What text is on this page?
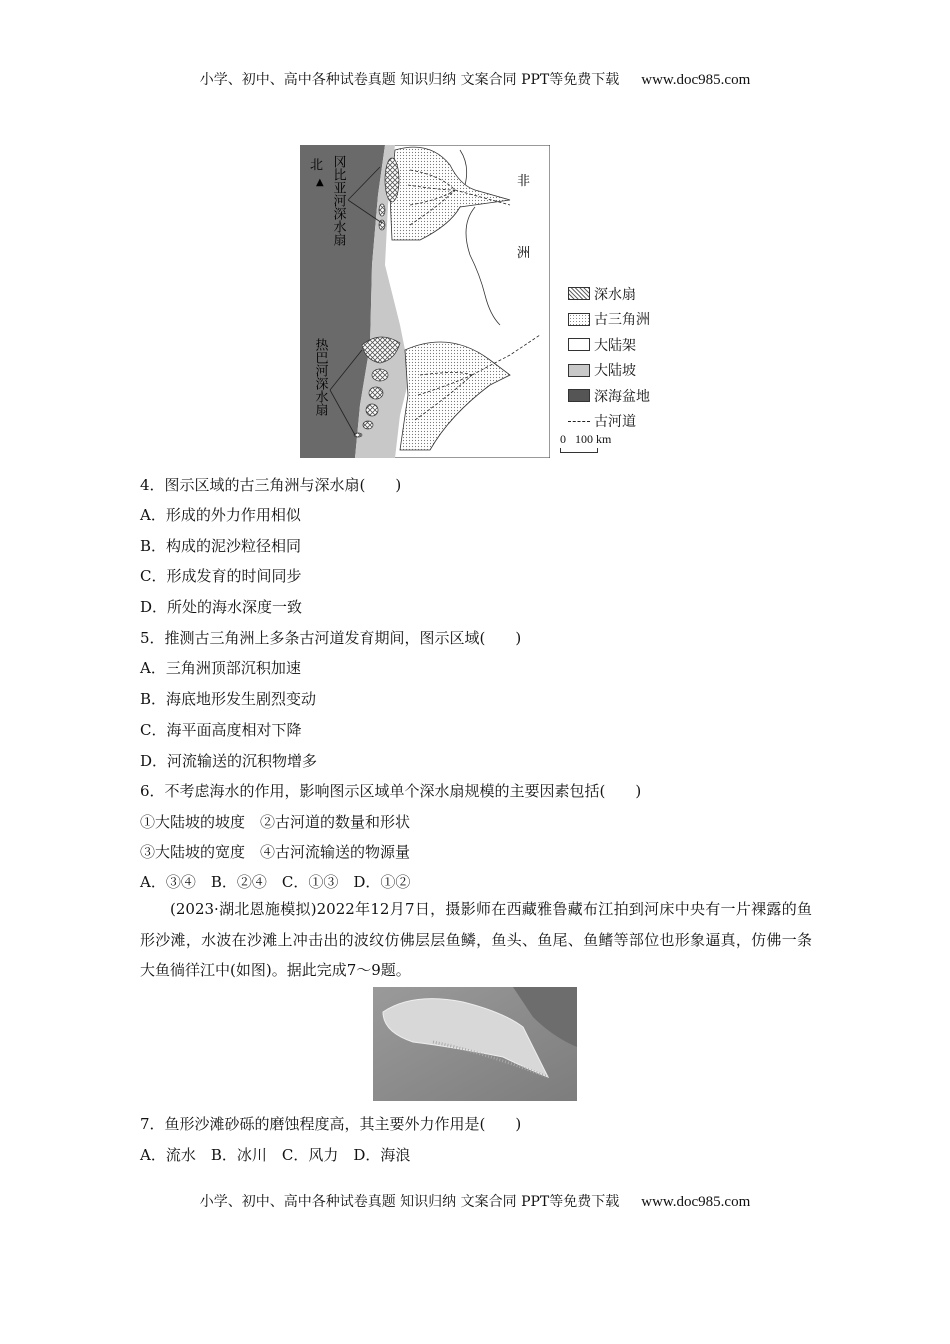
小学、初中、高中各种试卷真题 知识归纳 文案合同 PPT等免费下载 www.doc985.com
北
▲	非
洲
冈比亚河深水扇
热巴河深水扇
深水扇
古三角洲
大陆架
大陆坡
深海盆地
古河道
0 100 km
4．图示区域的古三角洲与深水扇(　　)
A．形成的外力作用相似
B．构成的泥沙粒径相同
C．形成发育的时间同步
D．所处的海水深度一致
5．推测古三角洲上多条古河道发育期间，图示区域(　　)
A．三角洲顶部沉积加速
B．海底地形发生剧烈变动
C．海平面高度相对下降
D．河流输送的沉积物增多
6．不考虑海水的作用，影响图示区域单个深水扇规模的主要因素包括(　　)
①大陆坡的坡度　②古河道的数量和形状
③大陆坡的宽度　④古河流输送的物源量
A．③④　B．②④　C．①③　D．①②
(2023·湖北恩施模拟)2022年12月7日，摄影师在西藏雅鲁藏布江拍到河床中央有一片裸露的鱼形沙滩，水波在沙滩上冲击出的波纹仿佛层层鱼鳞，鱼头、鱼尾、鱼鳍等部位也形象逼真，仿佛一条大鱼徜徉江中(如图)。据此完成7～9题。
7．鱼形沙滩砂砾的磨蚀程度高，其主要外力作用是(　　)
A．流水　B．冰川　C．风力　D．海浪
小学、初中、高中各种试卷真题 知识归纳 文案合同 PPT等免费下载 www.doc985.com
